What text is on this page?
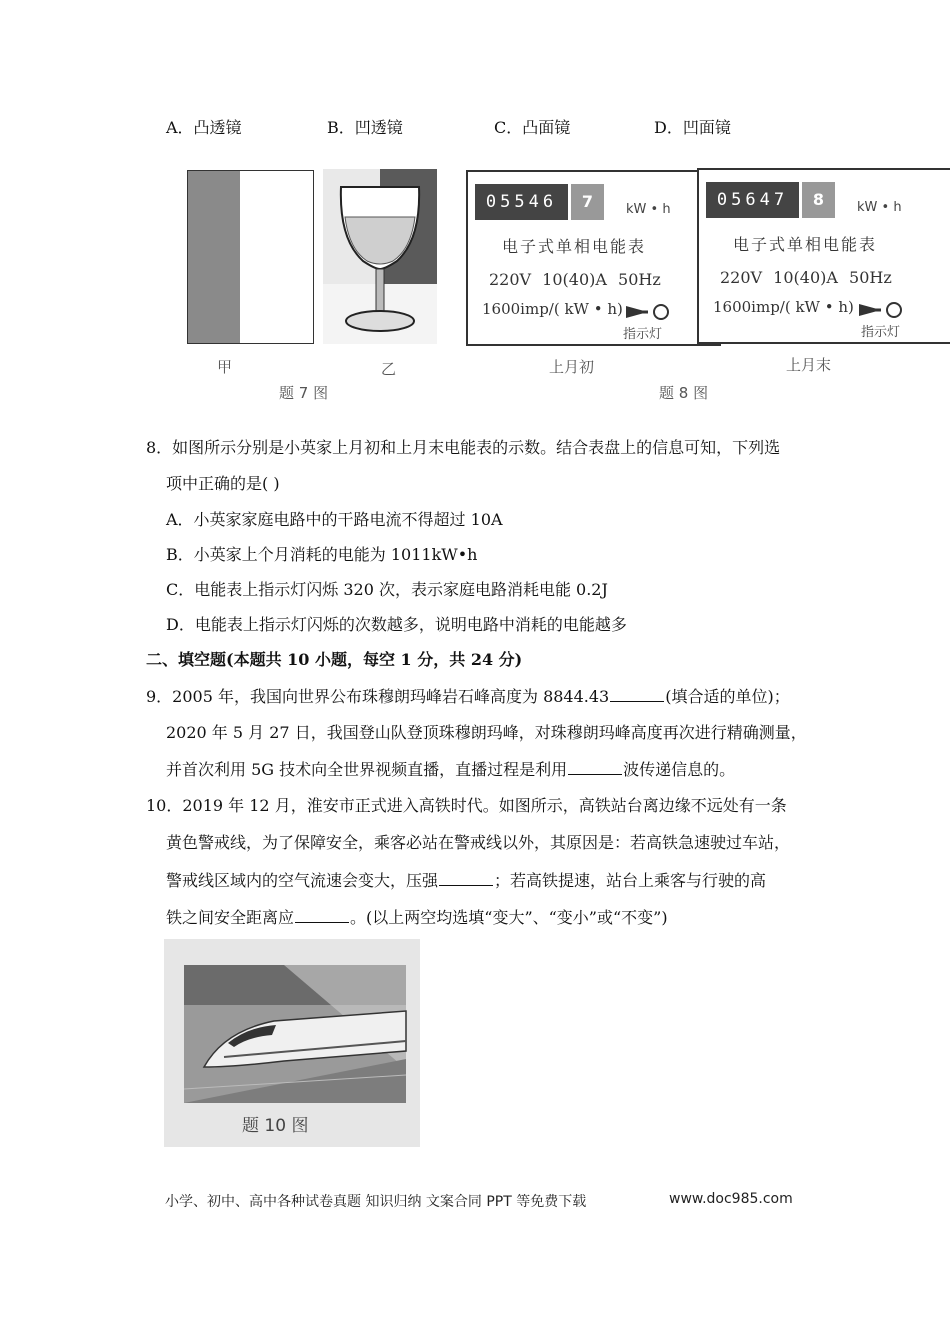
A．凸透镜	B．凹透镜	C．凸面镜	D．凹面镜
甲	乙
题 7 图
05546	7	kW • h
电子式单相电能表
220V 10(40)A 50Hz
1600imp/( kW • h)
指示灯
05647	8	kW • h
电子式单相电能表
220V 10(40)A 50Hz
1600imp/( kW • h)
指示灯
上月初	上月末
题 8 图
8．如图所示分别是小英家上月初和上月末电能表的示数。结合表盘上的信息可知，下列选
项中正确的是( )
A．小英家家庭电路中的干路电流不得超过 10A
B．小英家上个月消耗的电能为 1011kW•h
C．电能表上指示灯闪烁 320 次，表示家庭电路消耗电能 0.2J
D．电能表上指示灯闪烁的次数越多，说明电路中消耗的电能越多
二、填空题(本题共 10 小题，每空 1 分，共 24 分)
9．2005 年，我国向世界公布珠穆朗玛峰岩石峰高度为 8844.43	(填合适的单位)；
2020 年 5 月 27 日，我国登山队登顶珠穆朗玛峰，对珠穆朗玛峰高度再次进行精确测量，
并首次利用 5G 技术向全世界视频直播，直播过程是利用	波传递信息的。
10．2019 年 12 月，淮安市正式进入高铁时代。如图所示，高铁站台离边缘不远处有一条
黄色警戒线，为了保障安全，乘客必站在警戒线以外，其原因是：若高铁急速驶过车站，
警戒线区域内的空气流速会变大，压强	；若高铁提速，站台上乘客与行驶的高
铁之间安全距离应	。(以上两空均选填“变大”、“变小”或“不变”)
题 10 图
小学、初中、高中各种试卷真题 知识归纳 文案合同 PPT 等免费下载	www.doc985.com
